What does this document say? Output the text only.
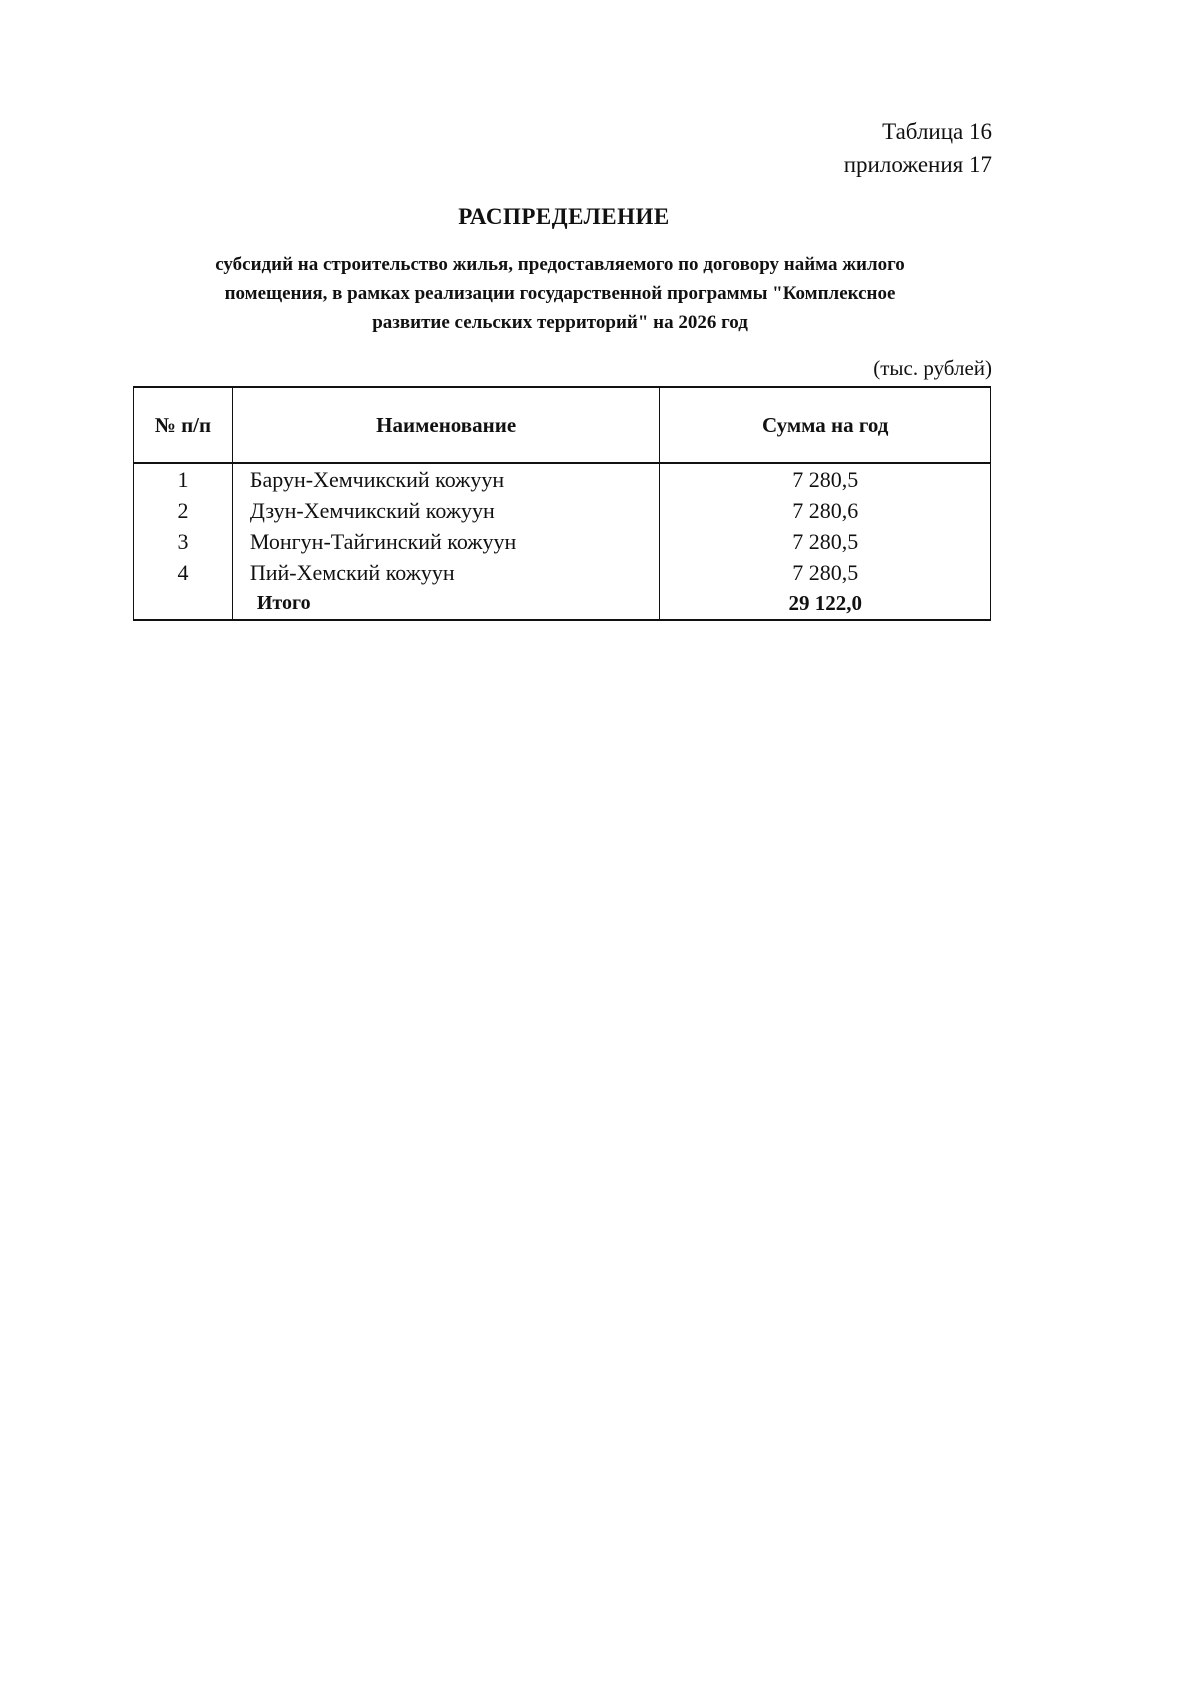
Таблица 16
приложения 17
РАСПРЕДЕЛЕНИЕ
субсидий на строительство жилья, предоставляемого по договору найма жилого
помещения, в рамках реализации государственной программы "Комплексное
развитие сельских территорий" на 2026 год
(тыс. рублей)
№ п/п	Наименование	Сумма на год
1	Барун-Хемчикский кожуун	7 280,5
2	Дзун-Хемчикский кожуун	7 280,6
3	Монгун-Тайгинский кожуун	7 280,5
4	Пий-Хемский кожуун	7 280,5
	Итого	29 122,0
